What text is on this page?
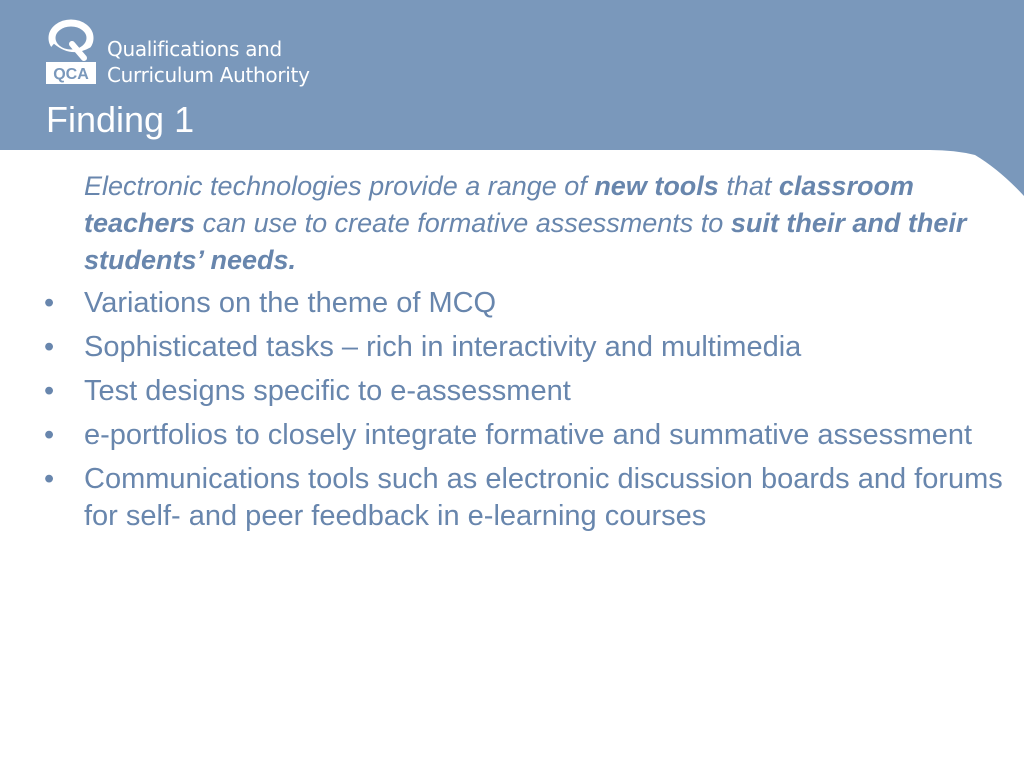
QCA
Qualifications and
Curriculum Authority
Finding 1
Electronic technologies provide a range of new tools that classroom teachers can use to create formative assessments to suit their and their students’ needs.
• Variations on the theme of MCQ
• Sophisticated tasks – rich in interactivity and multimedia
• Test designs specific to e-assessment
• e-portfolios to closely integrate formative and summative assessment
• Communications tools such as electronic discussion boards and forums for self- and peer feedback in e-learning courses
